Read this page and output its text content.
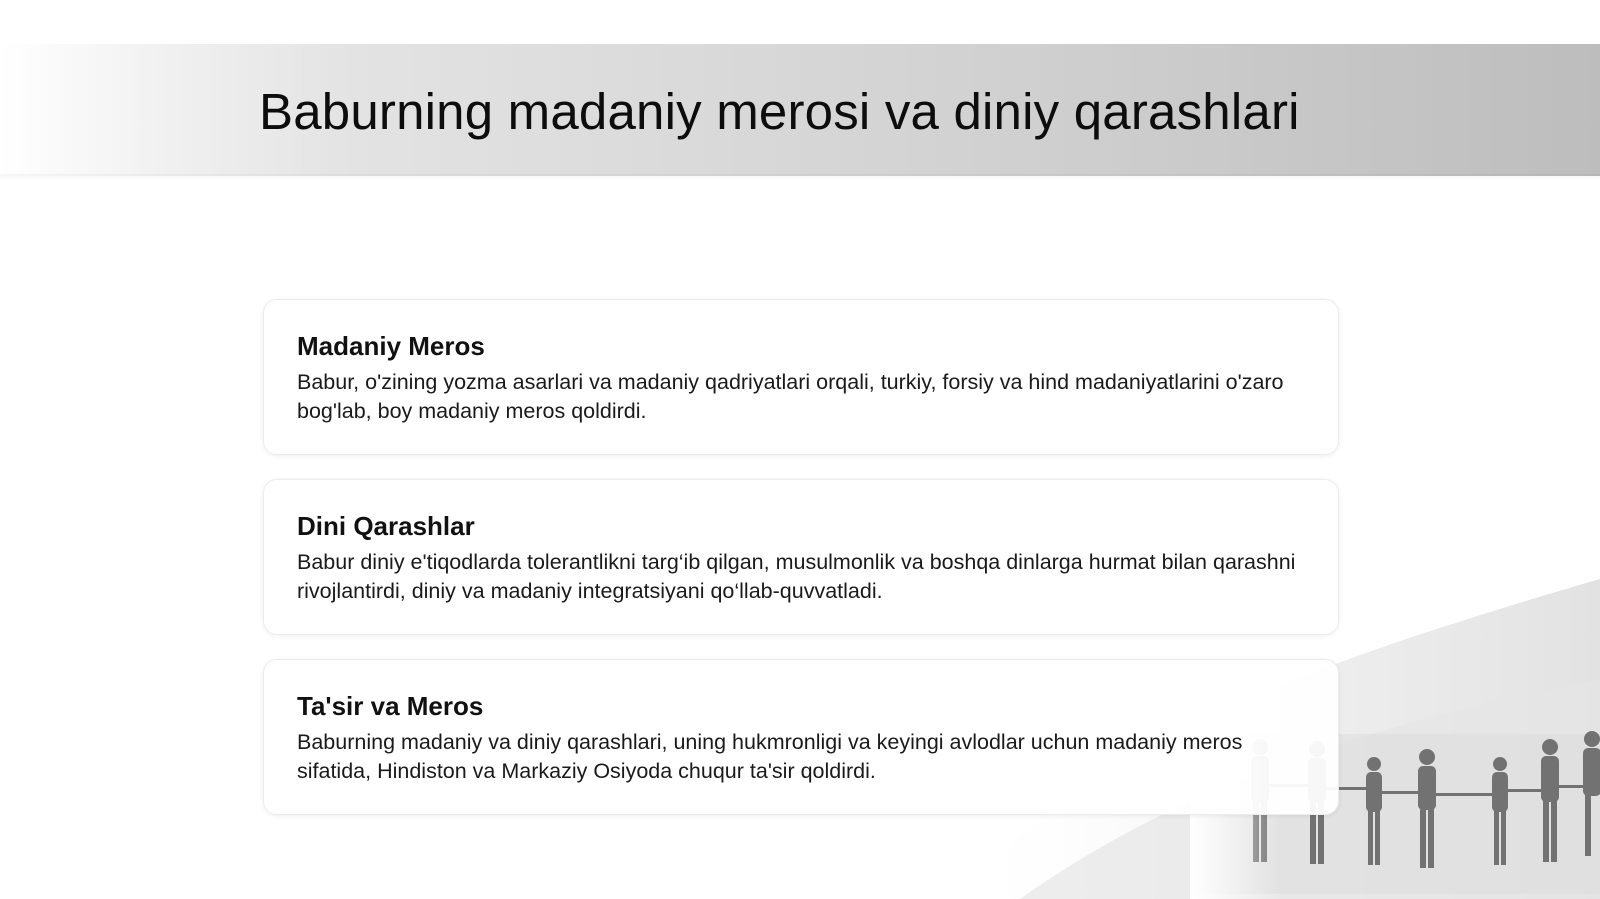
Baburning madaniy merosi va diniy qarashlari
Madaniy Meros

Babur, o'zining yozma asarlari va madaniy qadriyatlari orqali, turkiy, forsiy va hind madaniyatlarini o'zaro bog'lab, boy madaniy meros qoldirdi.

Dini Qarashlar

Babur diniy e'tiqodlarda tolerantlikni targ‘ib qilgan, musulmonlik va boshqa dinlarga hurmat bilan qarashni rivojlantirdi, diniy va madaniy integratsiyani qo‘llab-quvvatladi.

Ta'sir va Meros

Baburning madaniy va diniy qarashlari, uning hukmronligi va keyingi avlodlar uchun madaniy meros sifatida, Hindiston va Markaziy Osiyoda chuqur ta'sir qoldirdi.
